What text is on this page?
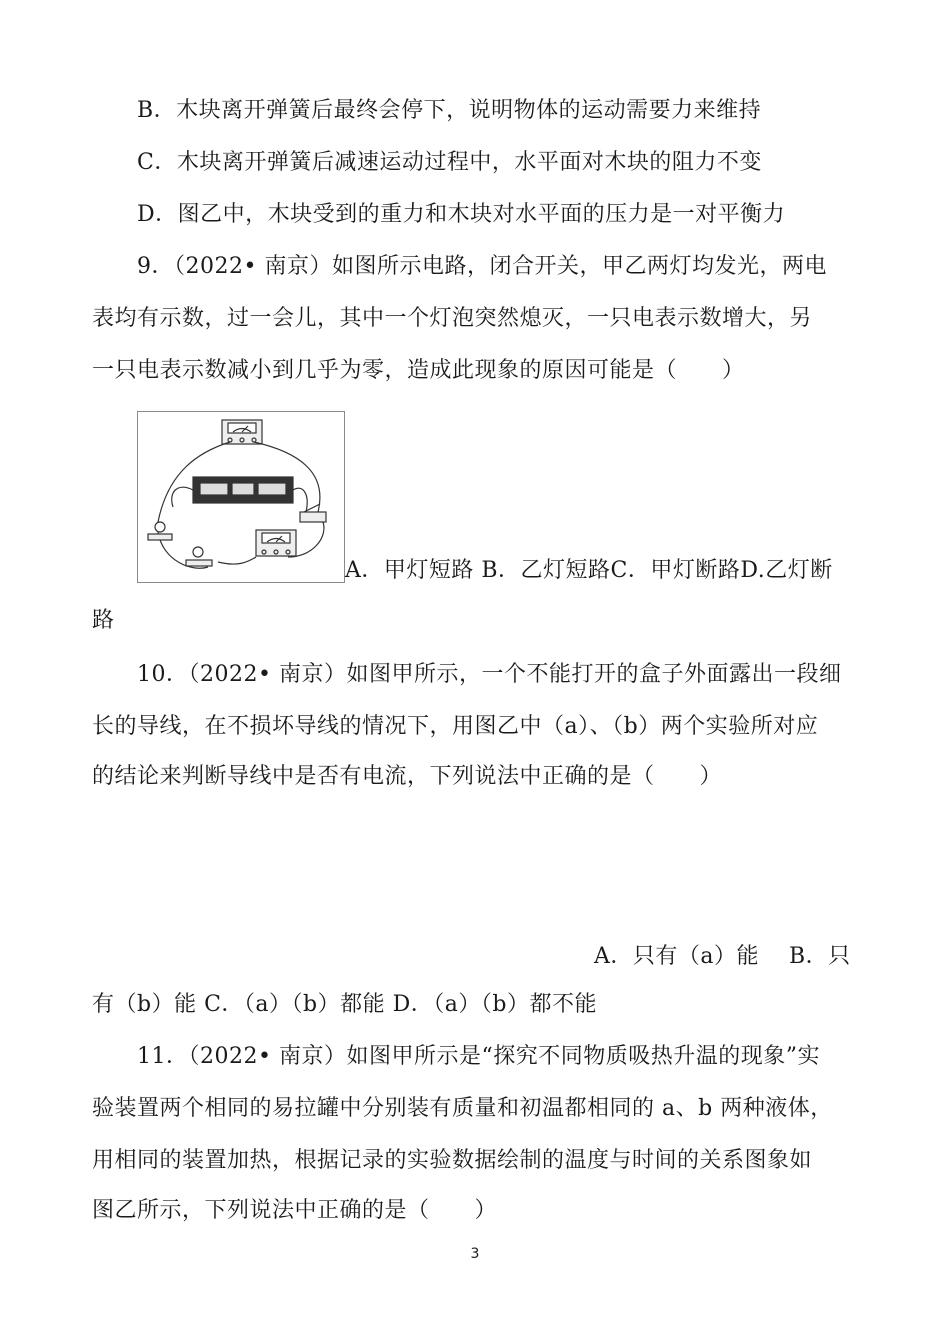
B．木块离开弹簧后最终会停下，说明物体的运动需要力来维持
C．木块离开弹簧后减速运动过程中，水平面对木块的阻力不变
D．图乙中，木块受到的重力和木块对水平面的压力是一对平衡力
9．（2022• 南京）如图所示电路，闭合开关，甲乙两灯均发光，两电
表均有示数，过一会儿，其中一个灯泡突然熄灭，一只电表示数增大，另
一只电表示数减小到几乎为零，造成此现象的原因可能是（　　）
A．甲灯短路 B．乙灯短路C．甲灯断路D.乙灯断
路
10．（2022• 南京）如图甲所示，一个不能打开的盒子外面露出一段细
长的导线，在不损坏导线的情况下，用图乙中（a）、（b）两个实验所对应
的结论来判断导线中是否有电流，下列说法中正确的是（　　）
A．只有（a）能　 B．只
有（b）能 C．（a）（b）都能 D．（a）（b）都不能
11．（2022• 南京）如图甲所示是“探究不同物质吸热升温的现象”实
验装置两个相同的易拉罐中分别装有质量和初温都相同的 a、b 两种液体，
用相同的装置加热，根据记录的实验数据绘制的温度与时间的关系图象如
图乙所示，下列说法中正确的是（　　）
3
